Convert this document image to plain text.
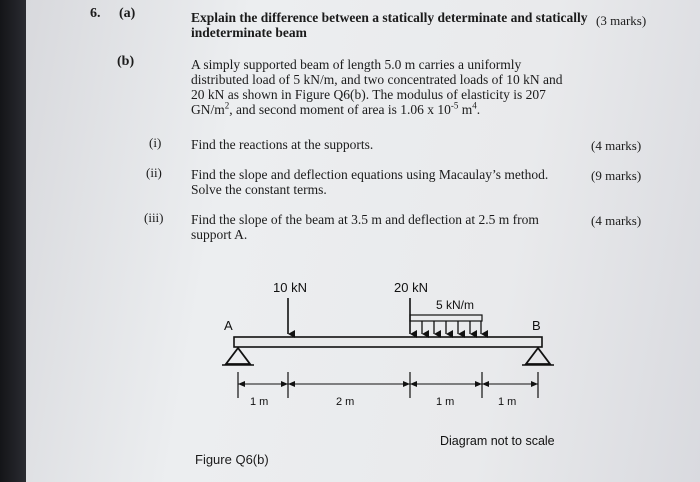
6. (a)	Explain the difference between a statically determinate and statically
indeterminate beam
(3 marks)
(b)	A simply supported beam of length 5.0 m carries a uniformly
distributed load of 5 kN/m, and two concentrated loads of 10 kN and
20 kN as shown in Figure Q6(b). The modulus of elasticity is 207
$GN/m^2$, and second moment of area is 1.06 x $10^{-5}$ $m^4$.
(i) Find the reactions at the supports.	(4 marks)
(ii) Find the slope and deflection equations using Macaulay’s method.
Solve the constant terms.
(9 marks)
(iii) Find the slope of the beam at 3.5 m and deflection at 2.5 m from
support A.
(4 marks)
A	B
10 kN	20 kN
5 kN/m
1 m	2 m	1 m	1 m
Diagram not to scale
Figure Q6(b)
